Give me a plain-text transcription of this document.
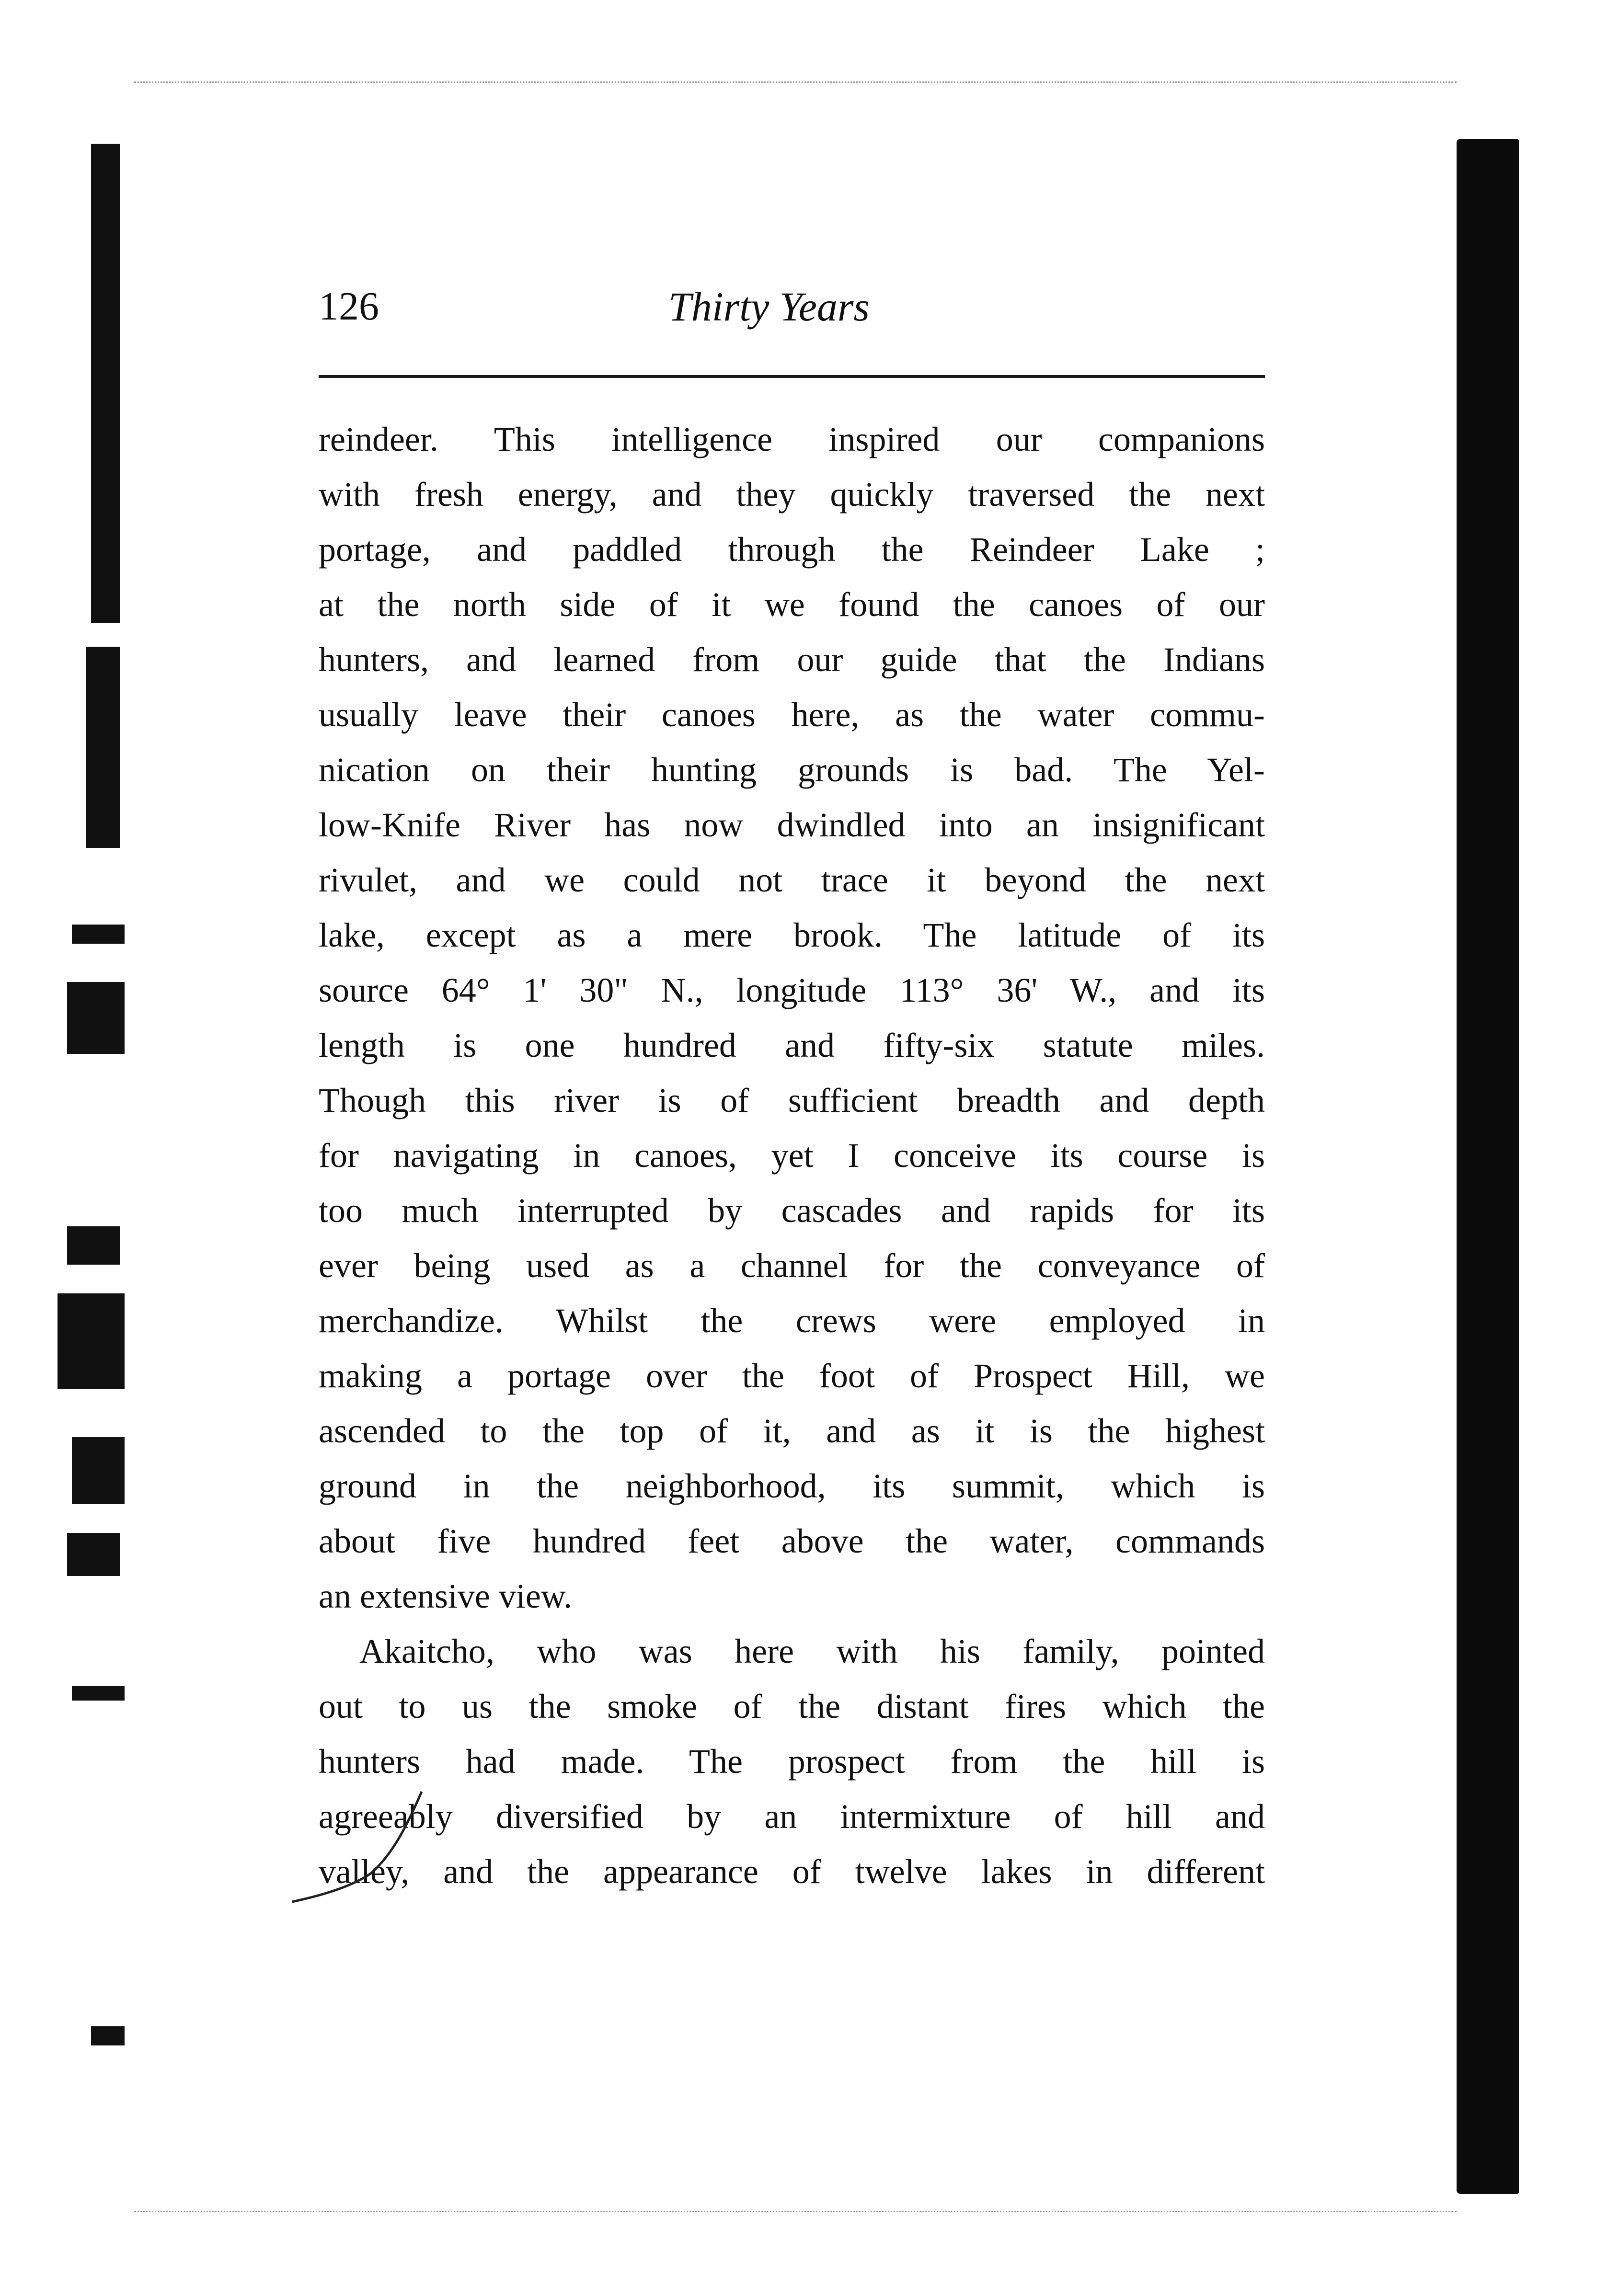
126	Thirty Years
reindeer. This intelligence inspired our companions
with fresh energy, and they quickly traversed the next
portage, and paddled through the Reindeer Lake ;
at the north side of it we found the canoes of our
hunters, and learned from our guide that the Indians
usually leave their canoes here, as the water commu-
nication on their hunting grounds is bad. The Yel-
low-Knife River has now dwindled into an insignificant
rivulet, and we could not trace it beyond the next
lake, except as a mere brook. The latitude of its
source 64° 1' 30" N., longitude 113° 36' W., and its
length is one hundred and fifty-six statute miles.
Though this river is of sufficient breadth and depth
for navigating in canoes, yet I conceive its course is
too much interrupted by cascades and rapids for its
ever being used as a channel for the conveyance of
merchandize. Whilst the crews were employed in
making a portage over the foot of Prospect Hill, we
ascended to the top of it, and as it is the highest
ground in the neighborhood, its summit, which is
about five hundred feet above the water, commands
an extensive view.
Akaitcho, who was here with his family, pointed
out to us the smoke of the distant fires which the
hunters had made. The prospect from the hill is
agreeably diversified by an intermixture of hill and
valley, and the appearance of twelve lakes in different
